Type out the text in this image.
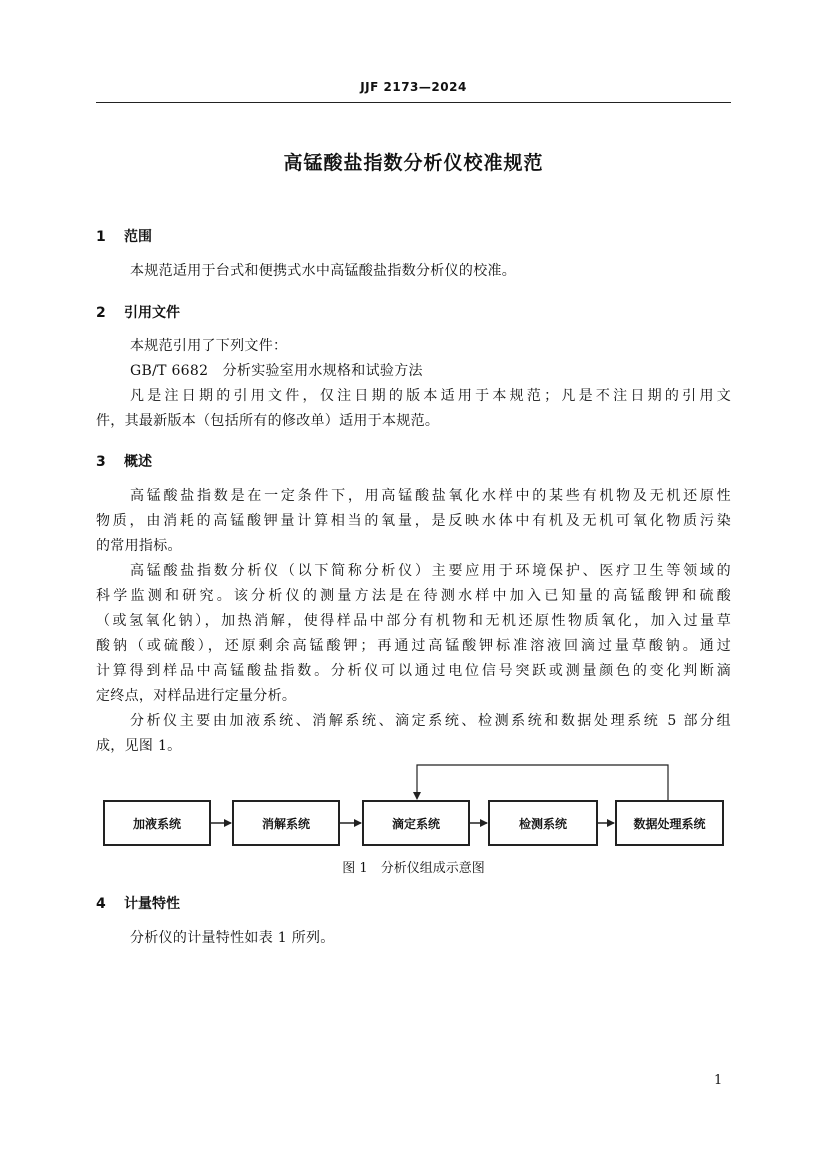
JJF 2173—2024
高锰酸盐指数分析仪校准规范
1 范围
本规范适用于台式和便携式水中高锰酸盐指数分析仪的校准。
2 引用文件
本规范引用了下列文件：
GB/T 6682　分析实验室用水规格和试验方法
凡是注日期的引用文件，仅注日期的版本适用于本规范；凡是不注日期的引用文
件，其最新版本（包括所有的修改单）适用于本规范。
3 概述
高锰酸盐指数是在一定条件下，用高锰酸盐氧化水样中的某些有机物及无机还原性
物质，由消耗的高锰酸钾量计算相当的氧量，是反映水体中有机及无机可氧化物质污染
的常用指标。
高锰酸盐指数分析仪（以下简称分析仪）主要应用于环境保护、医疗卫生等领域的
科学监测和研究。该分析仪的测量方法是在待测水样中加入已知量的高锰酸钾和硫酸
（或氢氧化钠），加热消解，使得样品中部分有机物和无机还原性物质氧化，加入过量草
酸钠（或硫酸），还原剩余高锰酸钾；再通过高锰酸钾标准溶液回滴过量草酸钠。通过
计算得到样品中高锰酸盐指数。分析仪可以通过电位信号突跃或测量颜色的变化判断滴
定终点，对样品进行定量分析。
分析仪主要由加液系统、消解系统、滴定系统、检测系统和数据处理系统 5 部分组
成，见图 1。
加液系统	消解系统	滴定系统	检测系统	数据处理系统
图 1　分析仪组成示意图
4 计量特性
分析仪的计量特性如表 1 所列。
1
